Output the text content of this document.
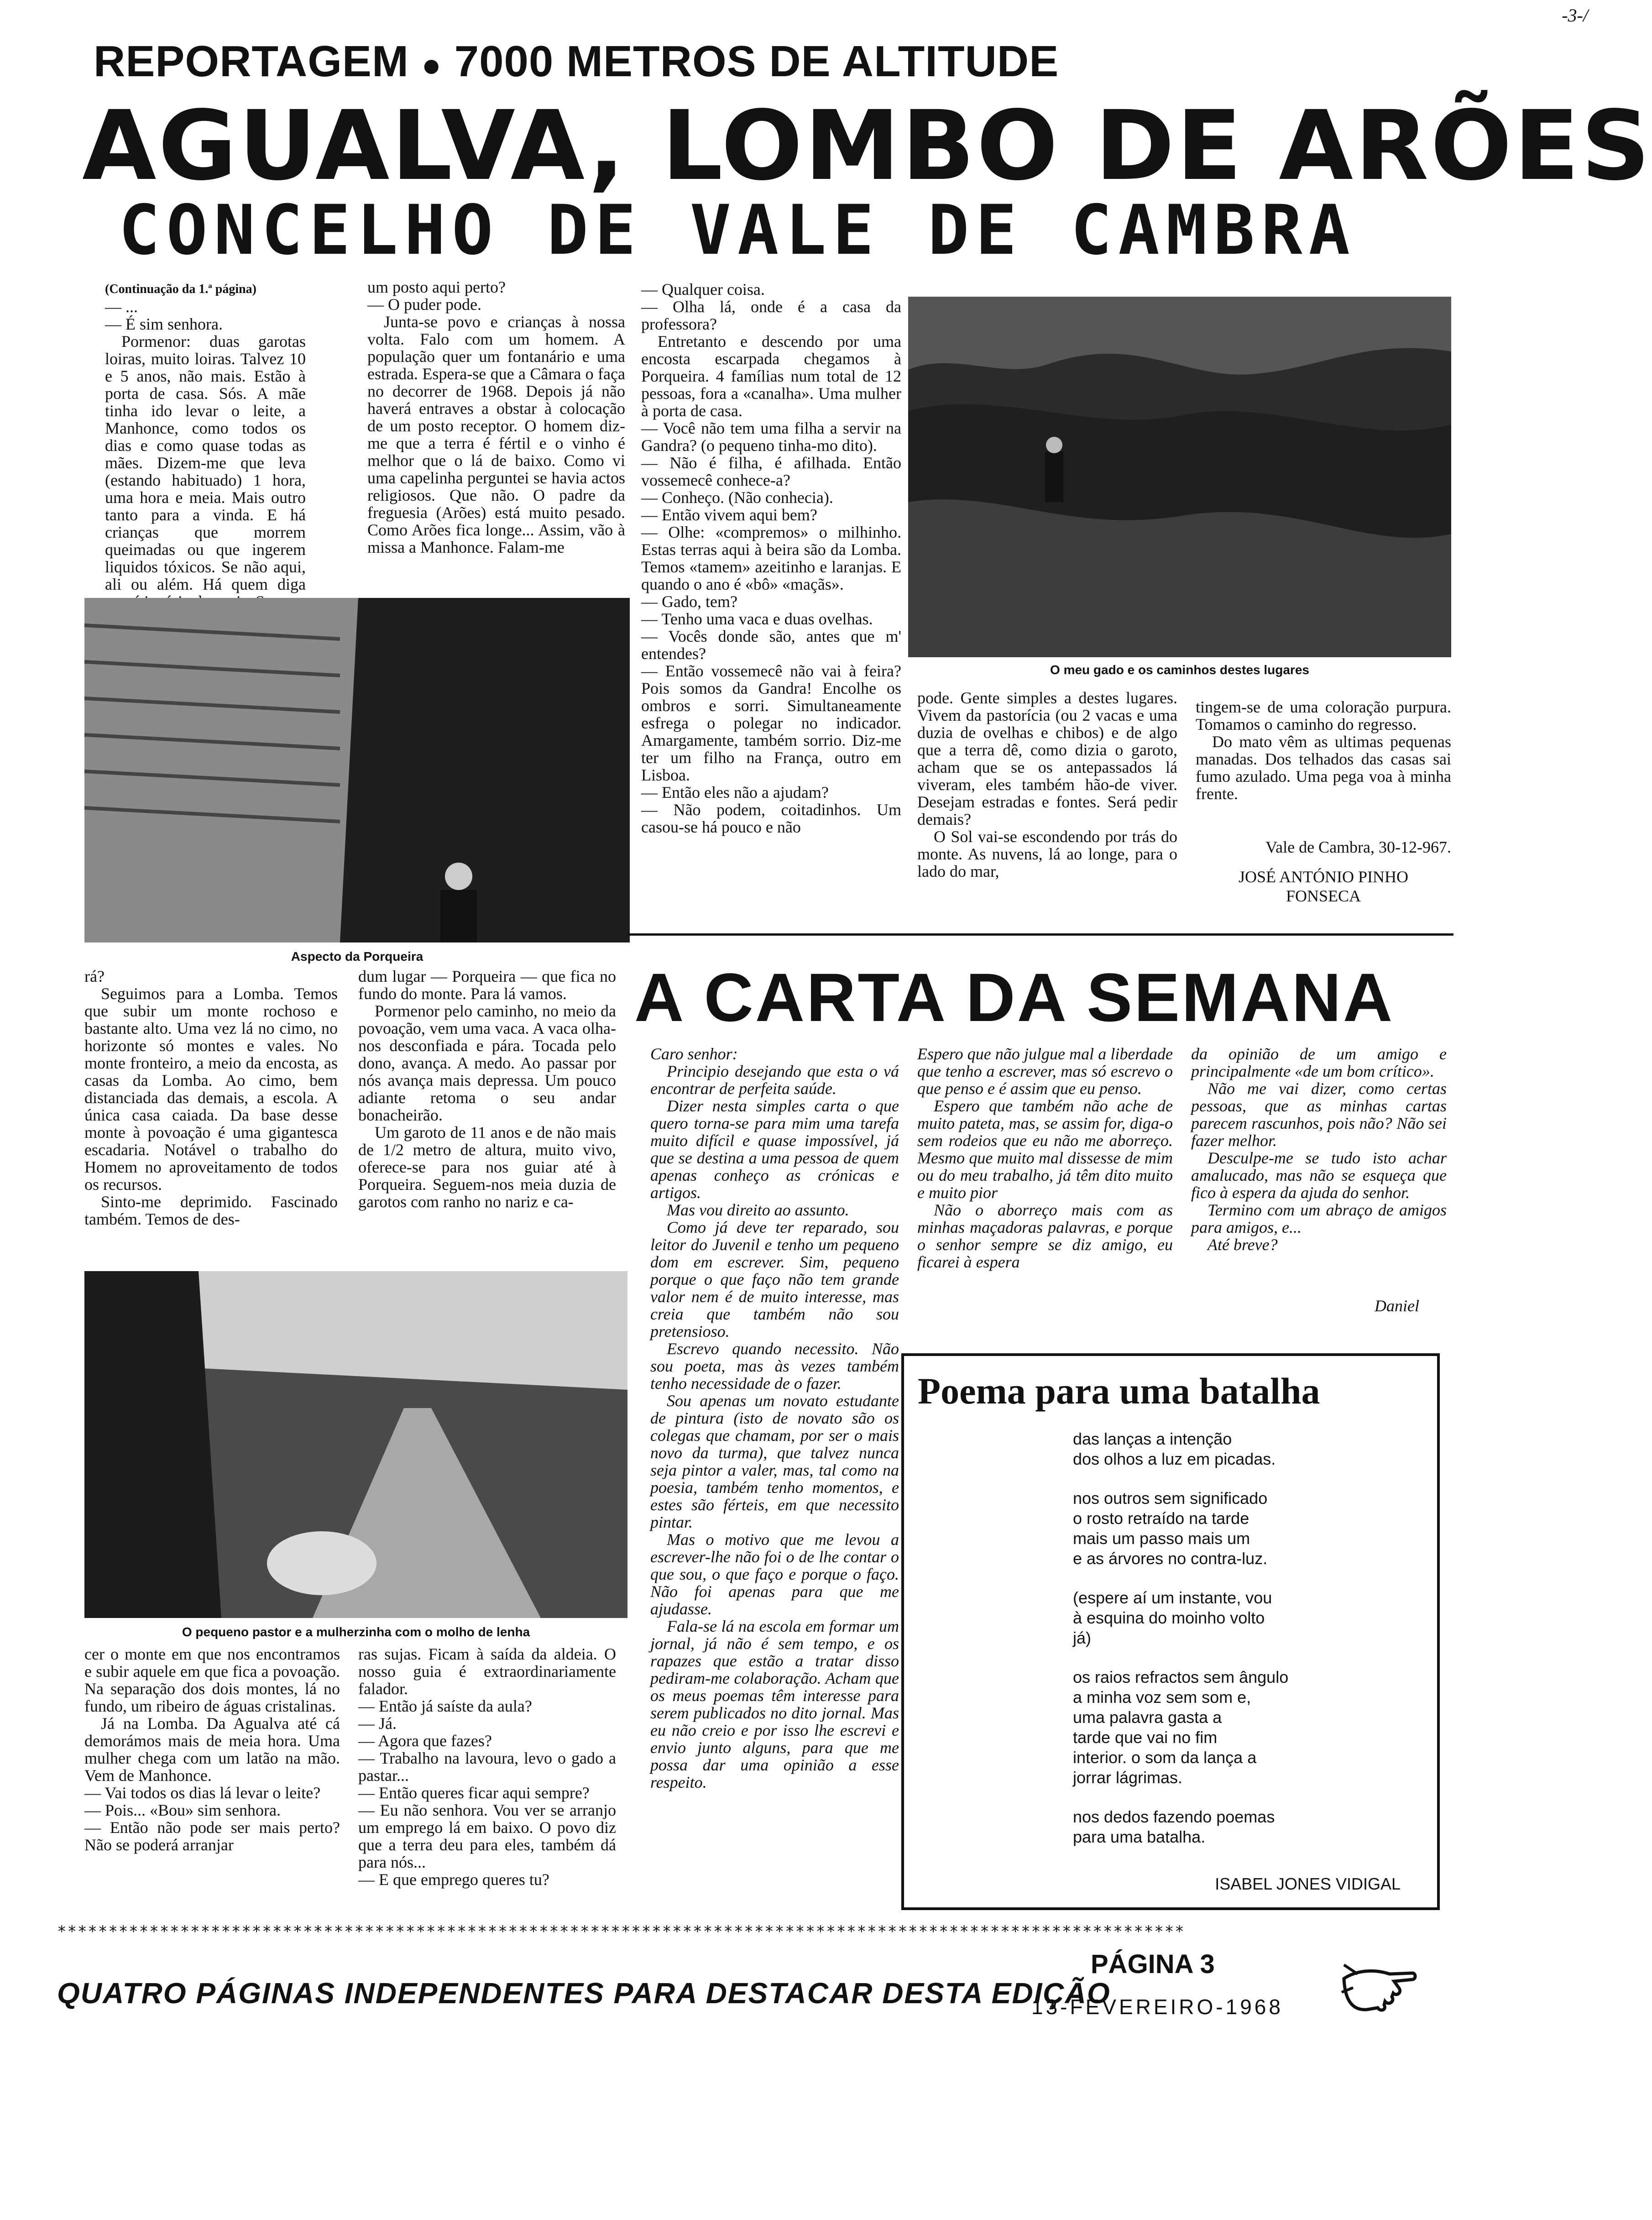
REPORTAGEM ● 7000 METROS DE ALTITUDE
AGUALVA, LOMBO DE ARÕES
CONCELHO DE VALE DE CAMBRA
-3-/
(Continuação da 1.ª página)

— ...

— É sim senhora.

Pormenor: duas garotas loiras, muito loiras. Talvez 10 e 5 anos, não mais. Estão à porta de casa. Sós. A mãe tinha ido levar o leite, a Manhonce, como todos os dias e como quase todas as mães. Dizem-me que leva (estando habituado) 1 hora, uma hora e meia. Mais outro tanto para a vinda. E há crianças que morrem queimadas ou que ingerem liquidos tóxicos. Se não aqui, ali ou além. Há quem diga

um posto aqui perto?

— O puder pode.

Junta-se povo e crianças à nossa volta. Falo com um homem. A população quer um fontanário e uma estrada. Espera-se que a Câmara o faça no decorrer de 1968. Depois já não haverá entraves a obstar à colocação de um posto receptor. O homem diz-me que a terra é fértil e o vinho é melhor que o lá de baixo. Como vi uma capelinha perguntei se havia actos religiosos. Que não. O padre da freguesia (Arões) está muito pesado. Como Arões fica longe... Assim, vão à missa a Manhonce. Falam-me

— Qualquer coisa.

— Olha lá, onde é a casa da professora?

Entretanto e descendo por uma encosta escarpada chegamos à Porqueira. 4 famílias num total de 12 pessoas, fora a «canalha». Uma mulher à porta de casa.

— Você não tem uma filha a servir na Gandra? (o pequeno tinha-mo dito).

— Não é filha, é afilhada. Então vossemecê conhece-a?

— Conheço. (Não conhecia).

— Então vivem aqui bem?

— Olhe: «compremos» o milhinho. Estas terras aqui à beira são da Lomba. Temos «tamem» azeitinho e laranjas. E quando o ano é «bô» «maçãs».

— Gado, tem?

— Tenho uma vaca e duas ovelhas.

— Vocês donde são, antes que m' entendes?

— Então vossemecê não vai à feira? Pois somos da Gandra! Encolhe os ombros e sorri. Simultaneamente esfrega o polegar no indicador. Amargamente, também sorrio. Diz-me ter um filho na França, outro em Lisboa.

— Então eles não a ajudam?

— Não podem, coitadinhos. Um casou-se há pouco e não

O meu gado e os caminhos destes lugares
Aspecto da Porqueira

pode. Gente simples a destes lugares. Vivem da pastorícia (ou 2 vacas e uma duzia de ovelhas e chibos) e de algo que a terra dê, como dizia o garoto, acham que se os antepassados lá viveram, eles também hão-de viver. Desejam estradas e fontes. Será pedir demais?

O Sol vai-se escondendo por trás do monte. As nuvens, lá ao longe, para o lado do mar,

tingem-se de uma coloração purpura. Tomamos o caminho do regresso.

Do mato vêm as ultimas pequenas manadas. Dos telhados das casas sai fumo azulado. Uma pega voa à minha frente.

Vale de Cambra, 30-12-967.
JOSÉ ANTÓNIO PINHO
FONSECA

rá?

Seguimos para a Lomba. Temos que subir um monte rochoso e bastante alto. Uma vez lá no cimo, no horizonte só montes e vales. No monte fronteiro, a meio da encosta, as casas da Lomba. Ao cimo, bem distanciada das demais, a escola. A única casa caiada. Da base desse monte à povoação é uma gigantesca escadaria. Notável o trabalho do Homem no aproveitamento de todos os recursos.

Sinto-me deprimido. Fascinado também. Temos de des-

dum lugar — Porqueira — que fica no fundo do monte. Para lá vamos.

Pormenor pelo caminho, no meio da povoação, vem uma vaca. A vaca olha-nos desconfiada e pára. Tocada pelo dono, avança. A medo. Ao passar por nós avança mais depressa. Um pouco adiante retoma o seu andar bonacheirão.

Um garoto de 11 anos e de não mais de 1/2 metro de altura, muito vivo, oferece-se para nos guiar até à Porqueira. Seguem-nos meia duzia de garotos com ranho no nariz e ca-

O pequeno pastor e a mulherzinha com o molho de lenha

cer o monte em que nos encontramos e subir aquele em que fica a povoação. Na separação dos dois montes, lá no fundo, um ribeiro de águas cristalinas.

Já na Lomba. Da Agualva até cá demorámos mais de meia hora. Uma mulher chega com um latão na mão. Vem de Manhonce.

— Vai todos os dias lá levar o leite?

— Pois... «Bou» sim senhora.

— Então não pode ser mais perto? Não se poderá arranjar

ras sujas. Ficam à saída da aldeia. O nosso guia é extraordinariamente falador.

— Então já saíste da aula?

— Já.

— Agora que fazes?

— Trabalho na lavoura, levo o gado a pastar...

— Então queres ficar aqui sempre?

— Eu não senhora. Vou ver se arranjo um emprego lá em baixo. O povo diz que a terra deu para eles, também dá para nós...

— E que emprego queres tu?

A CARTA DA SEMANA

Caro senhor:

Principio desejando que esta o vá encontrar de perfeita saúde.

Dizer nesta simples carta o que quero torna-se para mim uma tarefa muito difícil e quase impossível, já que se destina a uma pessoa de quem apenas conheço as crónicas e artigos.

Mas vou direito ao assunto.

Como já deve ter reparado, sou leitor do Juvenil e tenho um pequeno dom em escrever. Sim, pequeno porque o que faço não tem grande valor nem é de muito interesse, mas creia que também não sou pretensioso.

Escrevo quando necessito. Não sou poeta, mas às vezes também tenho necessidade de o fazer.

Sou apenas um novato estudante de pintura (isto de novato são os colegas que chamam, por ser o mais novo da turma), que talvez nunca seja pintor a valer, mas, tal como na poesia, também tenho momentos, e estes são férteis, em que necessito pintar.

Mas o motivo que me levou a escrever-lhe não foi o de lhe contar o que sou, o que faço e porque o faço. Não foi apenas para que me ajudasse.

Fala-se lá na escola em formar um jornal, já não é sem tempo, e os rapazes que estão a tratar disso pediram-me colaboração. Acham que os meus poemas têm interesse para serem publicados no dito jornal. Mas eu não creio e por isso lhe escrevi e envio junto alguns, para que me possa dar uma opinião a esse respeito.

Espero que não julgue mal a liberdade que tenho a escrever, mas só escrevo o que penso e é assim que eu penso.

Espero que também não ache de muito pateta, mas, se assim for, diga-o sem rodeios que eu não me aborreço. Mesmo que muito mal dissesse de mim ou do meu trabalho, já têm dito muito e muito pior

Não o aborreço mais com as minhas maçadoras palavras, e porque o senhor sempre se diz amigo, eu ficarei à espera

da opinião de um amigo e principalmente «de um bom crítico».

Não me vai dizer, como certas pessoas, que as minhas cartas parecem rascunhos, pois não? Não sei fazer melhor.

Desculpe-me se tudo isto achar amalucado, mas não se esqueça que fico à espera da ajuda do senhor.

Termino com um abraço de amigos para amigos, e...

Até breve?

Daniel
Poema para uma batalha
das lanças a intenção
dos olhos a luz em picadas.
nos outros sem significado
o rosto retraído na tarde
mais um passo mais um
e as árvores no contra-luz.
(espere aí um instante, vou
à esquina do moinho volto
já)
os raios refractos sem ângulo
a minha voz sem som e,
uma palavra gasta a
tarde que vai no fim
interior. o som da lança a
jorrar lágrimas.
nos dedos fazendo poemas
para uma batalha.
ISABEL JONES VIDIGAL
**************************************************************************************************************
QUATRO PÁGINAS INDEPENDENTES PARA DESTACAR DESTA EDIÇÃO
PÁGINA 3
13-FEVEREIRO-1968
